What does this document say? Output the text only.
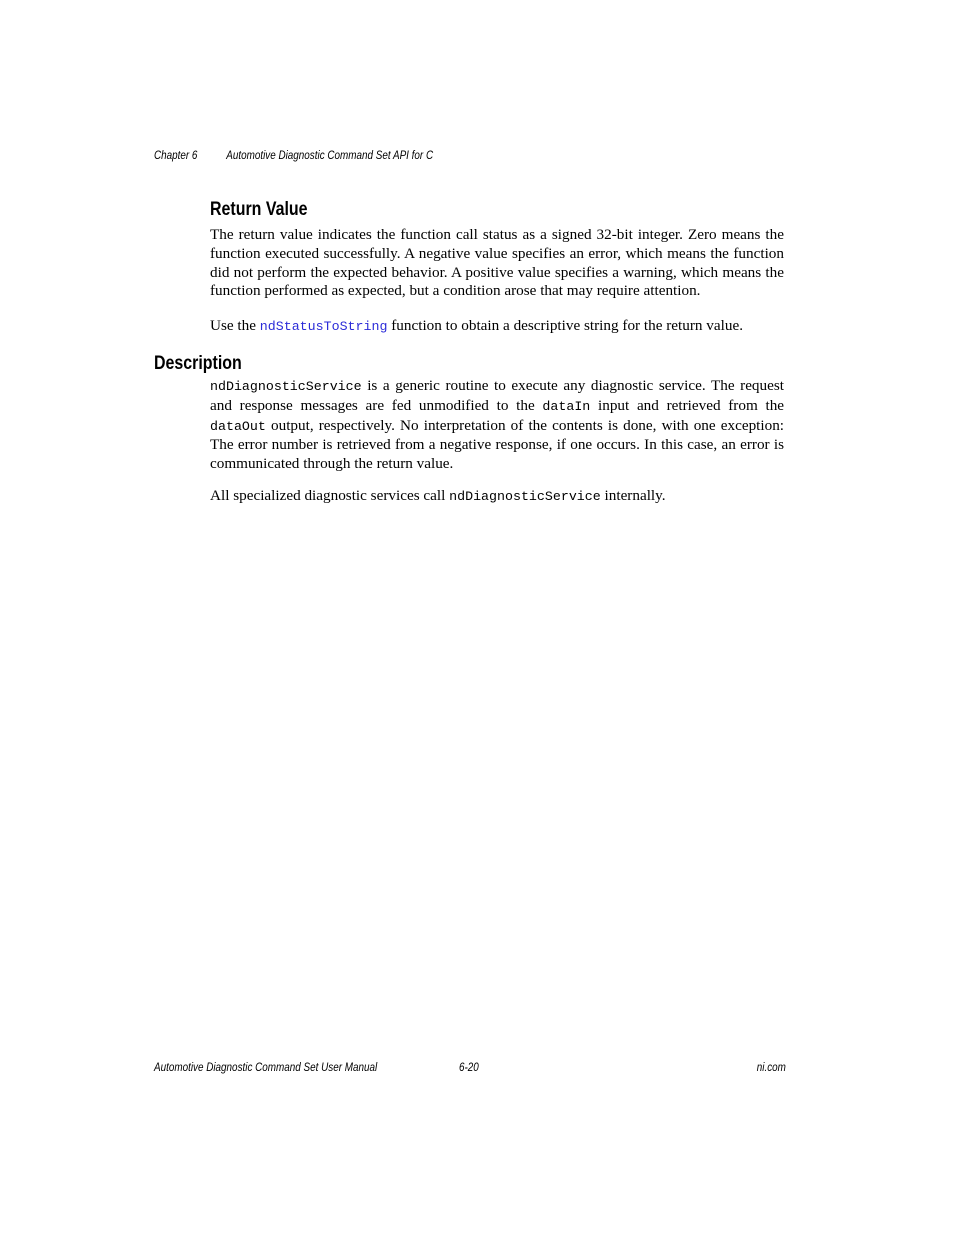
Chapter 6	Automotive Diagnostic Command Set API for C
Return Value

The return value indicates the function call status as a signed 32-bit integer. Zero means the function executed successfully. A negative value specifies an error, which means the function did not perform the expected behavior. A positive value specifies a warning, which means the function performed as expected, but a condition arose that may require attention.

Use the ndStatusToString function to obtain a descriptive string for the return value.

Description

ndDiagnosticService is a generic routine to execute any diagnostic service. The request and response messages are fed unmodified to the dataIn input and retrieved from the dataOut output, respectively. No interpretation of the contents is done, with one exception: The error number is retrieved from a negative response, if one occurs. In this case, an error is communicated through the return value.

All specialized diagnostic services call ndDiagnosticService internally.

Automotive Diagnostic Command Set User Manual	6-20	ni.com
